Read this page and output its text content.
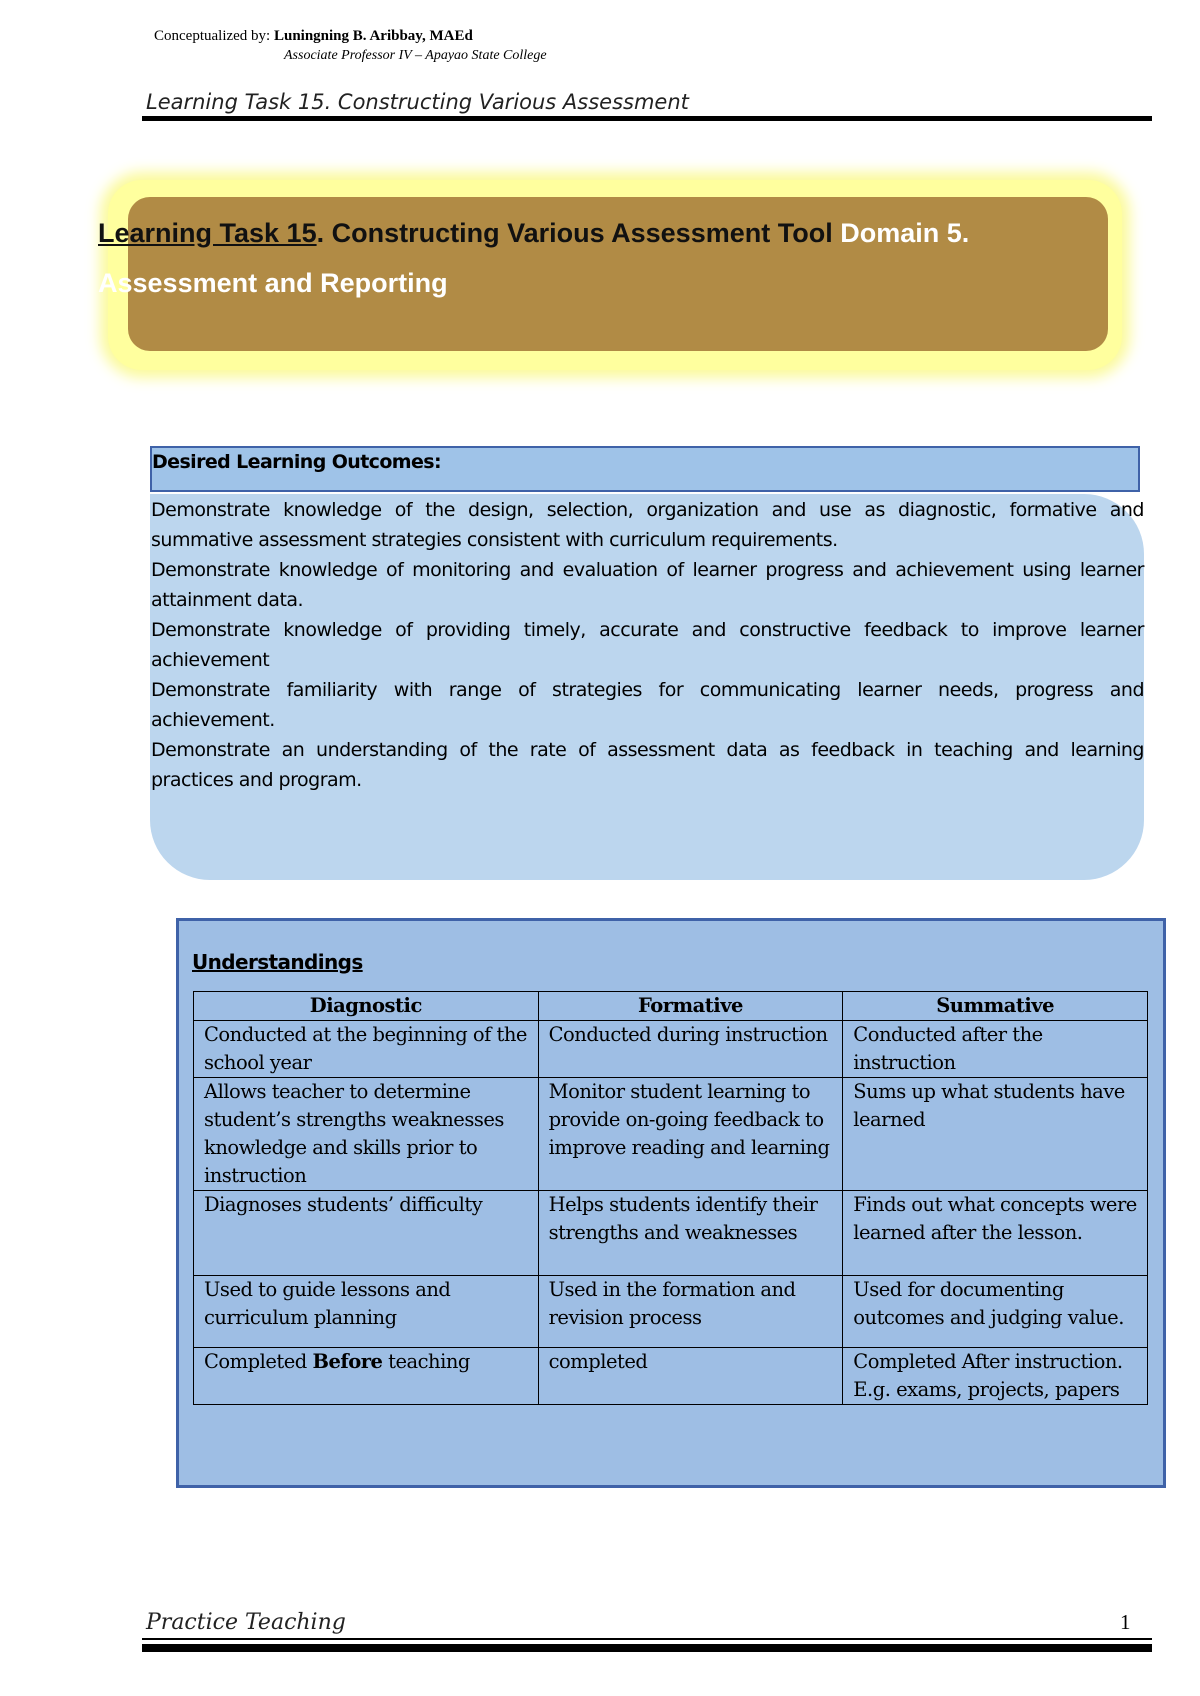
Conceptualized by: Luningning B. Aribbay, MAEd
Associate Professor IV – Apayao State College
Learning Task 15. Constructing Various Assessment
Learning Task 15. Constructing Various Assessment Tool Domain 5.
Assessment and Reporting
Desired Learning Outcomes:
Demonstrate knowledge of the design, selection, organization and use as diagnostic, formative and summative assessment strategies consistent with curriculum requirements.
Demonstrate knowledge of monitoring and evaluation of learner progress and achievement using learner attainment data.
Demonstrate knowledge of providing timely, accurate and constructive feedback to improve learner achievement
Demonstrate familiarity with range of strategies for communicating learner needs, progress and achievement.
Demonstrate an understanding of the rate of assessment data as feedback in teaching and learning practices and program.
Understandings
Diagnostic	Formative	Summative
Conducted at the beginning of the school year	Conducted during instruction	Conducted after the instruction
Allows teacher to determine student’s strengths weaknesses knowledge and skills prior to instruction	Monitor student learning to provide on-going feedback to improve reading and learning	Sums up what students have learned
Diagnoses students’ difficulty	Helps students identify their strengths and weaknesses	Finds out what concepts were learned after the lesson.
Used to guide lessons and curriculum planning	Used in the formation and revision process	Used for documenting outcomes and judging value.
Completed Before teaching	completed	Completed After instruction. E.g. exams, projects, papers
Practice Teaching	1
